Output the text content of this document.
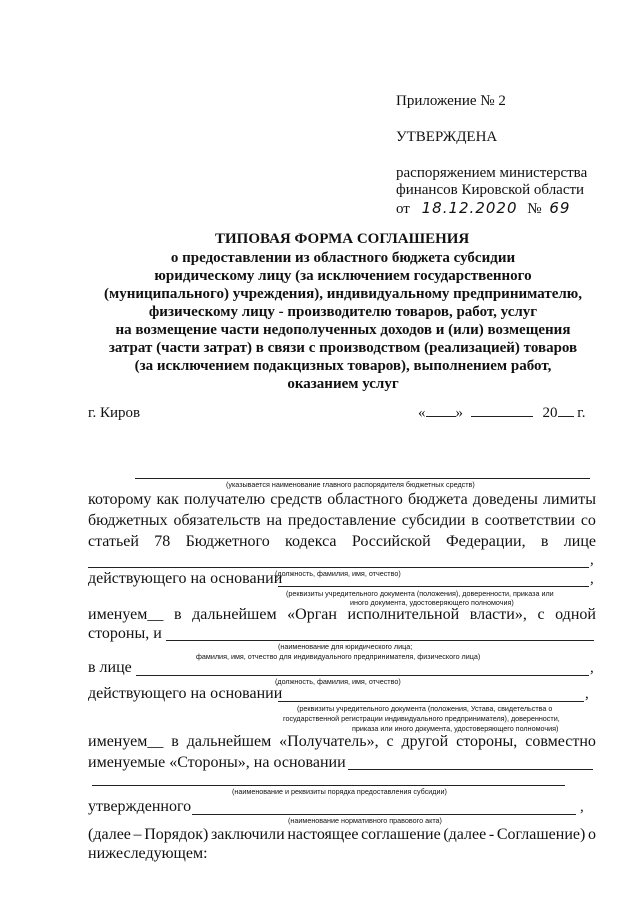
Приложение № 2
УТВЕРЖДЕНА
распоряжением министерства
финансов Кировской области
от 18.12.2020 № 69
ТИПОВАЯ ФОРМА СОГЛАШЕНИЯ
о предоставлении из областного бюджета субсидии
юридическому лицу (за исключением государственного
(муниципального) учреждения), индивидуальному предпринимателю,
физическому лицу - производителю товаров, работ, услуг
на возмещение части недополученных доходов и (или) возмещения
затрат (части затрат) в связи с производством (реализацией) товаров
(за исключением подакцизных товаров), выполнением работ,
оказанием услуг
г. Киров	« »	20 г.
(указывается наименование главного распорядителя бюджетных средств)
которому как получателю средств областного бюджета доведены лимиты
бюджетных обязательств на предоставление субсидии в соответствии со
статьей 78 Бюджетного кодекса Российской Федерации, в лице
,
(должность, фамилия, имя, отчество)
действующего на основании	,
(реквизиты учредительного документа (положения), доверенности, приказа или
иного документа, удостоверяющего полномочия)
именуем__ в дальнейшем «Орган исполнительной власти», с одной
стороны, и
(наименование для юридического лица;
фамилия, имя, отчество для индивидуального предпринимателя, физического лица)
в лице	,
(должность, фамилия, имя, отчество)
действующего на основании	,
(реквизиты учредительного документа (положения, Устава, свидетельства о
государственной регистрации индивидуального предпринимателя), доверенности,
приказа или иного документа, удостоверяющего полномочия)
именуем__ в дальнейшем «Получатель», с другой стороны, совместно
именуемые «Стороны», на основании
(наименование и реквизиты порядка предоставления субсидии)
утвержденного	,
(наименование нормативного правового акта)
(далее – Порядок) заключили настоящее соглашение (далее - Соглашение) о
нижеследующем:
